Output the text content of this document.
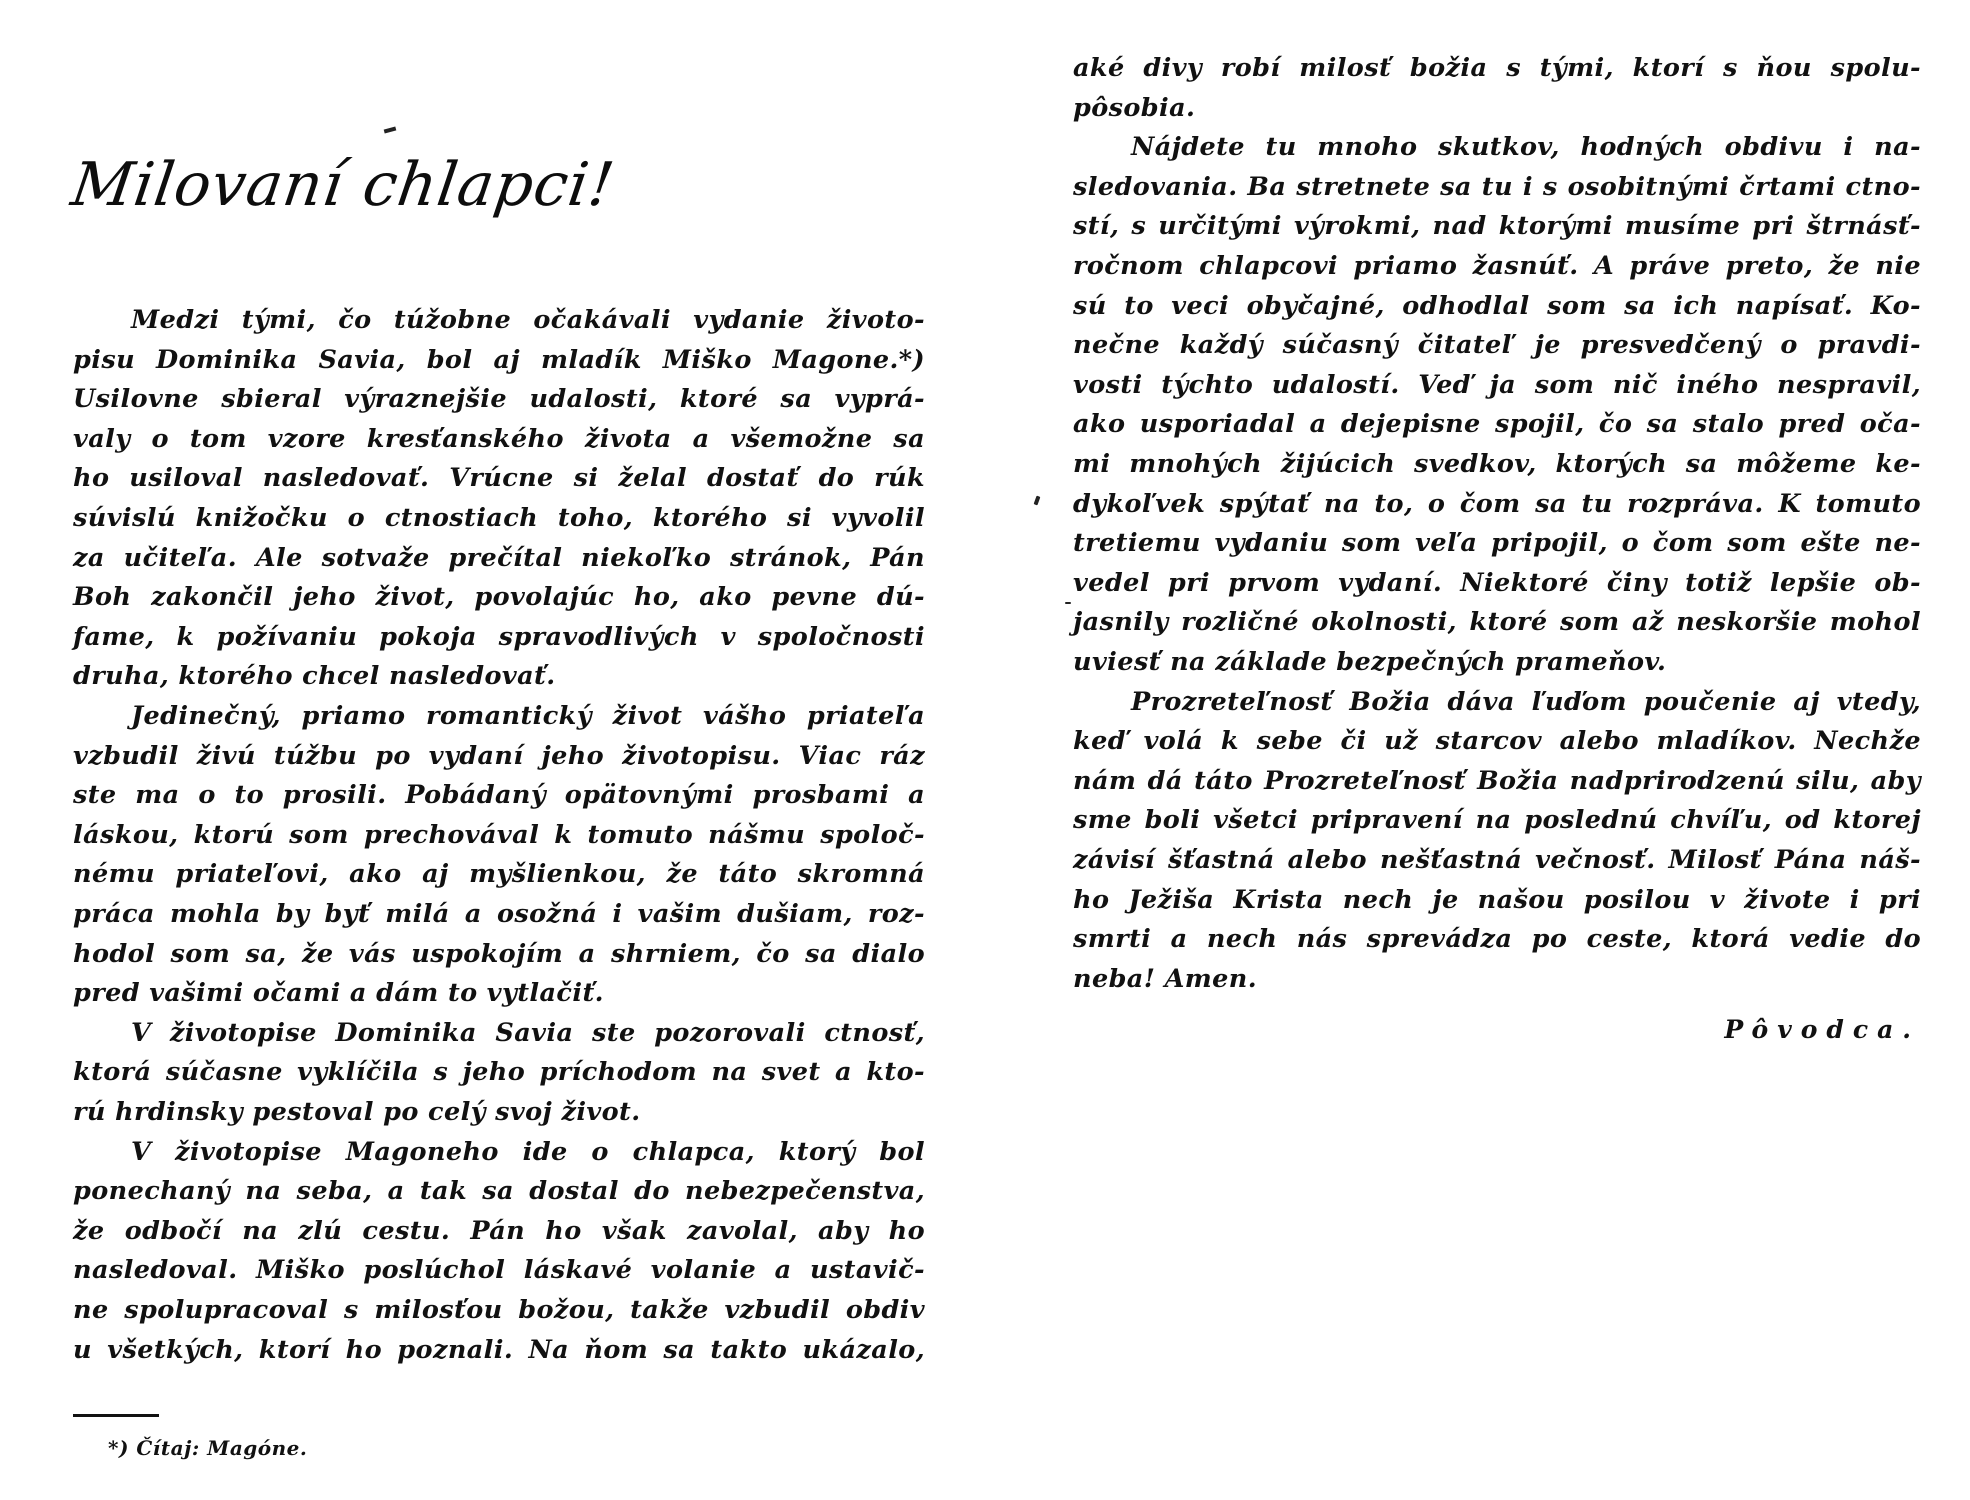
Milovaní chlapci!
Medzi tými, čo túžobne očakávali vydanie životo-
pisu Dominika Savia, bol aj mladík Miško Magone.*)
Usilovne sbieral výraznejšie udalosti, ktoré sa vyprá-
valy o tom vzore kresťanského života a všemožne sa
ho usiloval nasledovať. Vrúcne si želal dostať do rúk
súvislú knižočku o ctnostiach toho, ktorého si vyvolil
za učiteľa. Ale sotvaže prečítal niekoľko stránok, Pán
Boh zakončil jeho život, povolajúc ho, ako pevne dú-
fame, k požívaniu pokoja spravodlivých v spoločnosti
druha, ktorého chcel nasledovať.
Jedinečný, priamo romantický život vášho priateľa
vzbudil živú túžbu po vydaní jeho životopisu. Viac ráz
ste ma o to prosili. Pobádaný opätovnými prosbami a
láskou, ktorú som prechovával k tomuto nášmu spoloč-
nému priateľovi, ako aj myšlienkou, že táto skromná
práca mohla by byť milá a osožná i vašim dušiam, roz-
hodol som sa, že vás uspokojím a shrniem, čo sa dialo
pred vašimi očami a dám to vytlačiť.
V životopise Dominika Savia ste pozorovali ctnosť,
ktorá súčasne vyklíčila s jeho príchodom na svet a kto-
rú hrdinsky pestoval po celý svoj život.
V životopise Magoneho ide o chlapca, ktorý bol
ponechaný na seba, a tak sa dostal do nebezpečenstva,
že odbočí na zlú cestu. Pán ho však zavolal, aby ho
nasledoval. Miško poslúchol láskavé volanie a ustavič-
ne spolupracoval s milosťou božou, takže vzbudil obdiv
u všetkých, ktorí ho poznali. Na ňom sa takto ukázalo,
*) Čítaj: Magóne.
aké divy robí milosť božia s tými, ktorí s ňou spolu-
pôsobia.
Nájdete tu mnoho skutkov, hodných obdivu i na-
sledovania. Ba stretnete sa tu i s osobitnými črtami ctno-
stí, s určitými výrokmi, nad ktorými musíme pri štrnásť-
ročnom chlapcovi priamo žasnúť. A práve preto, že nie
sú to veci obyčajné, odhodlal som sa ich napísať. Ko-
nečne každý súčasný čitateľ je presvedčený o pravdi-
vosti týchto udalostí. Veď ja som nič iného nespravil,
ako usporiadal a dejepisne spojil, čo sa stalo pred oča-
mi mnohých žijúcich svedkov, ktorých sa môžeme ke-
dykoľvek spýtať na to, o čom sa tu rozpráva. K tomuto
tretiemu vydaniu som veľa pripojil, o čom som ešte ne-
vedel pri prvom vydaní. Niektoré činy totiž lepšie ob-
jasnily rozličné okolnosti, ktoré som až neskoršie mohol
uviesť na základe bezpečných prameňov.
Prozreteľnosť Božia dáva ľuďom poučenie aj vtedy,
keď volá k sebe či už starcov alebo mladíkov. Nechže
nám dá táto Prozreteľnosť Božia nadprirodzenú silu, aby
sme boli všetci pripravení na poslednú chvíľu, od ktorej
závisí šťastná alebo nešťastná večnosť. Milosť Pána náš-
ho Ježiša Krista nech je našou posilou v živote i pri
smrti a nech nás sprevádza po ceste, ktorá vedie do
neba! Amen.
Pôvodca.
